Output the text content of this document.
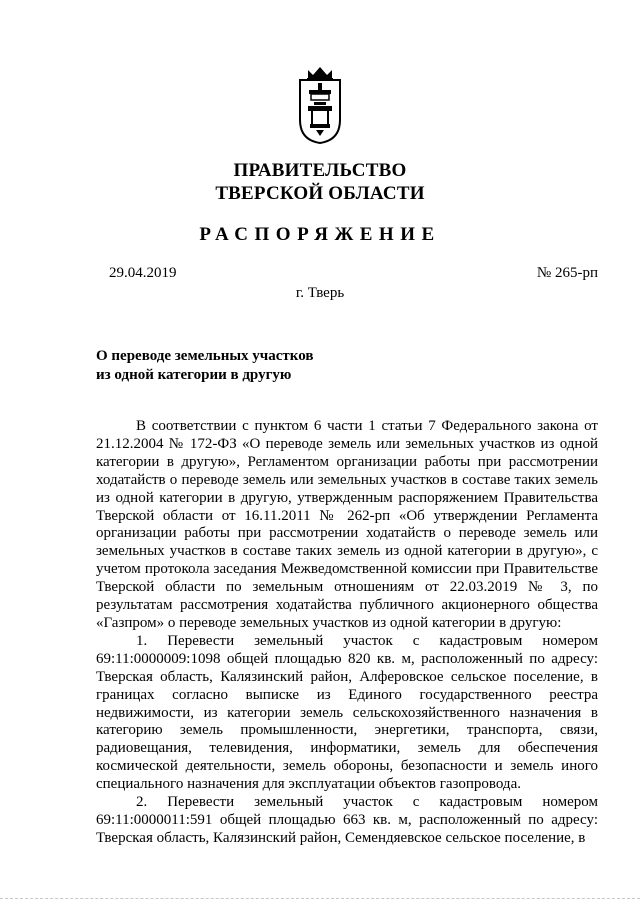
ПРАВИТЕЛЬСТВО
ТВЕРСКОЙ ОБЛАСТИ
РАСПОРЯЖЕНИЕ
29.04.2019	№ 265-рп
г. Тверь
О переводе земельных участков
из одной категории в другую

В соответствии с пунктом 6 части 1 статьи 7 Федерального закона от 21.12.2004 № 172-ФЗ «О переводе земель или земельных участков из одной категории в другую», Регламентом организации работы при рассмотрении ходатайств о переводе земель или земельных участков в составе таких земель из одной категории в другую, утвержденным распоряжением Правительства Тверской области от 16.11.2011 № 262-рп «Об утверждении Регламента организации работы при рассмотрении ходатайств о переводе земель или земельных участков в составе таких земель из одной категории в другую», с учетом протокола заседания Межведомственной комиссии при Правительстве Тверской области по земельным отношениям от 22.03.2019 № 3, по результатам рассмотрения ходатайства публичного акционерного общества «Газпром» о переводе земельных участков из одной категории в другую:

1. Перевести земельный участок с кадастровым номером 69:11:0000009:1098 общей площадью 820 кв. м, расположенный по адресу: Тверская область, Калязинский район, Алферовское сельское поселение, в границах согласно выписке из Единого государственного реестра недвижимости, из категории земель сельскохозяйственного назначения в категорию земель промышленности, энергетики, транспорта, связи, радиовещания, телевидения, информатики, земель для обеспечения космической деятельности, земель обороны, безопасности и земель иного специального назначения для эксплуатации объектов газопровода.

2. Перевести земельный участок с кадастровым номером 69:11:0000011:591 общей площадью 663 кв. м, расположенный по адресу: Тверская область, Калязинский район, Семендяевское сельское поселение, в
